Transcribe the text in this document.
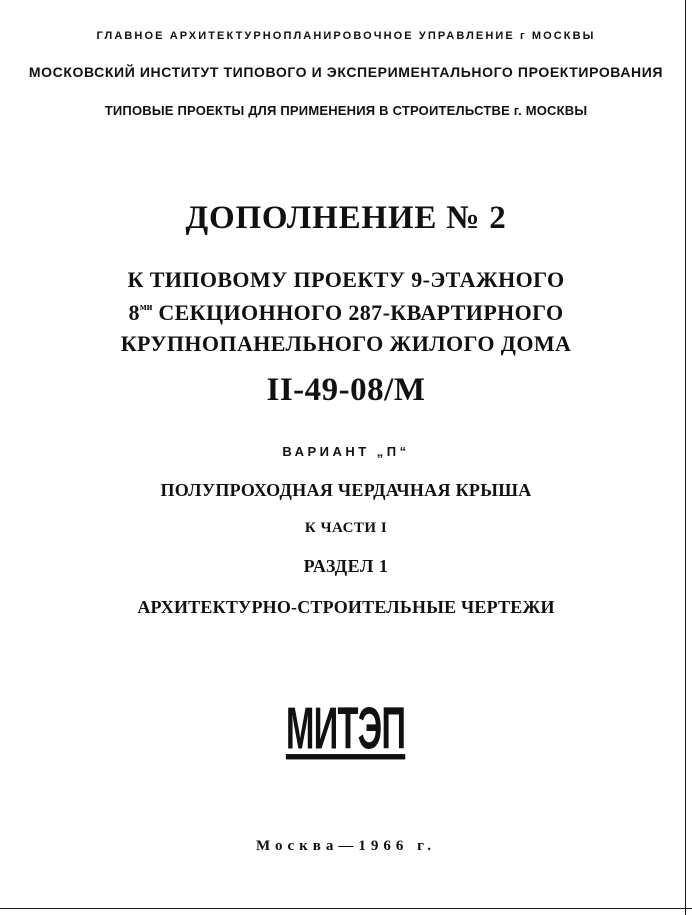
ГЛАВНОЕ АРХИТЕКТУРНОПЛАНИРОВОЧНОЕ УПРАВЛЕНИЕ г МОСКВЫ
МОСКОВСКИЙ ИНСТИТУТ ТИПОВОГО И ЭКСПЕРИМЕНТАЛЬНОГО ПРОЕКТИРОВАНИЯ
ТИПОВЫЕ ПРОЕКТЫ ДЛЯ ПРИМЕНЕНИЯ В СТРОИТЕЛЬСТВЕ г. МОСКВЫ
ДОПОЛНЕНИЕ № 2
К ТИПОВОМУ ПРОЕКТУ 9-ЭТАЖНОГО
$8^{ми}$ СЕКЦИОННОГО 287-КВАРТИРНОГО
КРУПНОПАНЕЛЬНОГО ЖИЛОГО ДОМА
II-49-08/М
ВАРИАНТ „П“
ПОЛУПРОХОДНАЯ ЧЕРДАЧНАЯ КРЫША
К ЧАСТИ I
РАЗДЕЛ 1
АРХИТЕКТУРНО-СТРОИТЕЛЬНЫЕ ЧЕРТЕЖИ
МИТЭП
Москва—1966 г.
